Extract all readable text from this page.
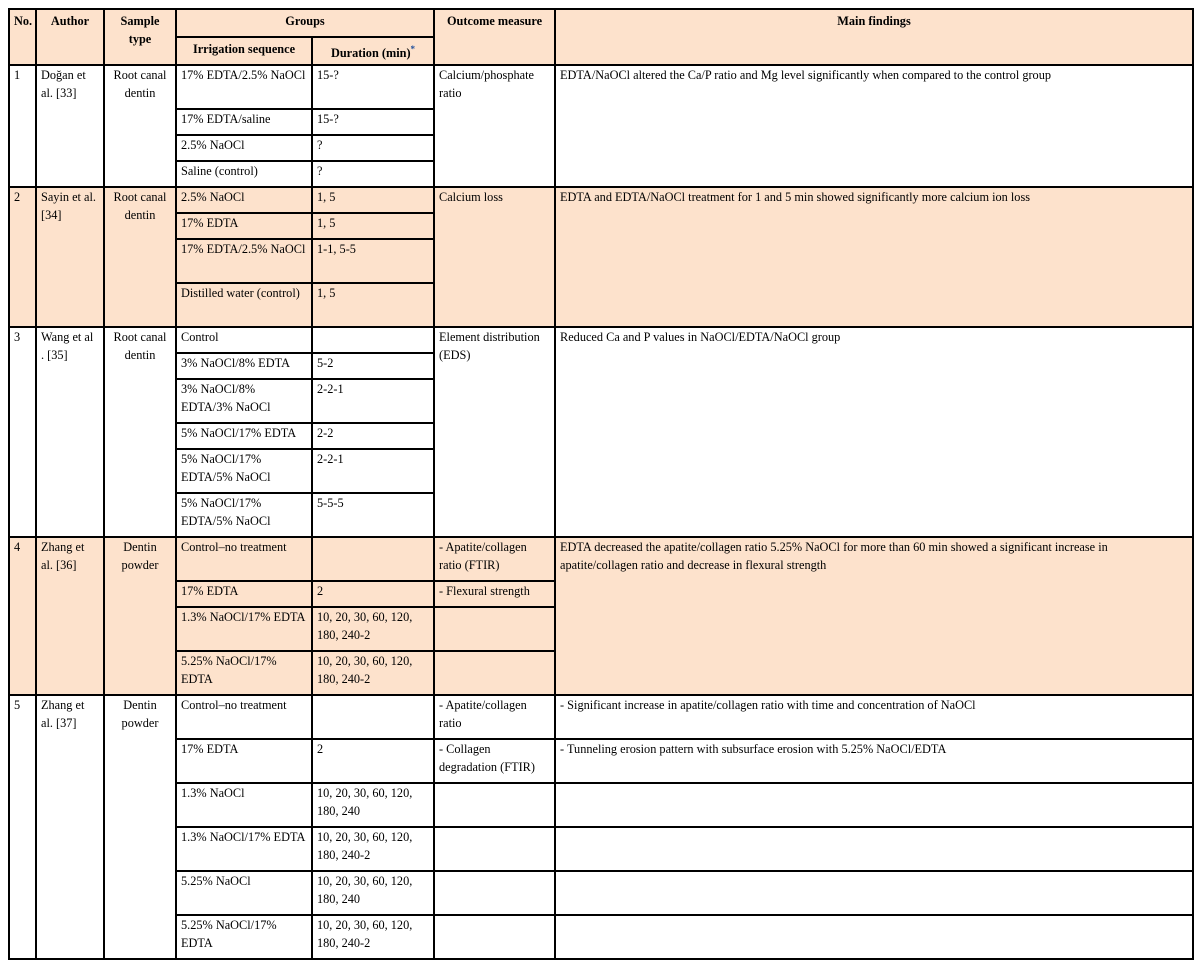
No.	Author	Sample type	Groups		Outcome measure	Main findings
			Irrigation sequence	Duration (min)*
1	Doğan et al. [33]	Root canal dentin	17% EDTA/2.5% NaOCl	15-?	Calcium/phosphate ratio	EDTA/NaOCl altered the Ca/P ratio and Mg level significantly when compared to the control group
			17% EDTA/saline	15-?		
			2.5% NaOCl	?		
			Saline (control)	?		
2	Sayin et al. [34]	Root canal dentin	2.5% NaOCl	1, 5	Calcium loss	EDTA and EDTA/NaOCl treatment for 1 and 5 min showed significantly more calcium ion loss
			17% EDTA	1, 5		
			17% EDTA/2.5% NaOCl	1-1, 5-5		
			Distilled water (control)	1, 5		
3	Wang et al . [35]	Root canal dentin	Control		Element distribution (EDS)	Reduced Ca and P values in NaOCl/EDTA/NaOCl group
			3% NaOCl/8% EDTA	5-2		
			3% NaOCl/8% EDTA/3% NaOCl	2-2-1		
			5% NaOCl/17% EDTA	2-2		
			5% NaOCl/17% EDTA/5% NaOCl	2-2-1		
			5% NaOCl/17% EDTA/5% NaOCl	5-5-5		
4	Zhang et al. [36]	Dentin powder	Control–no treatment		- Apatite/collagen ratio (FTIR)	EDTA decreased the apatite/collagen ratio 5.25% NaOCl for more than 60 min showed a significant increase in apatite/collagen ratio and decrease in flexural strength
			17% EDTA	2	- Flexural strength	
			1.3% NaOCl/17% EDTA	10, 20, 30, 60, 120, 180, 240-2		
			5.25% NaOCl/17% EDTA	10, 20, 30, 60, 120, 180, 240-2		
5	Zhang et al. [37]	Dentin powder	Control–no treatment		- Apatite/collagen ratio	- Significant increase in apatite/collagen ratio with time and concentration of NaOCl
			17% EDTA	2	- Collagen degradation (FTIR)	- Tunneling erosion pattern with subsurface erosion with 5.25% NaOCl/EDTA
			1.3% NaOCl	10, 20, 30, 60, 120, 180, 240		
			1.3% NaOCl/17% EDTA	10, 20, 30, 60, 120, 180, 240-2		
			5.25% NaOCl	10, 20, 30, 60, 120, 180, 240		
			5.25% NaOCl/17% EDTA	10, 20, 30, 60, 120, 180, 240-2		
